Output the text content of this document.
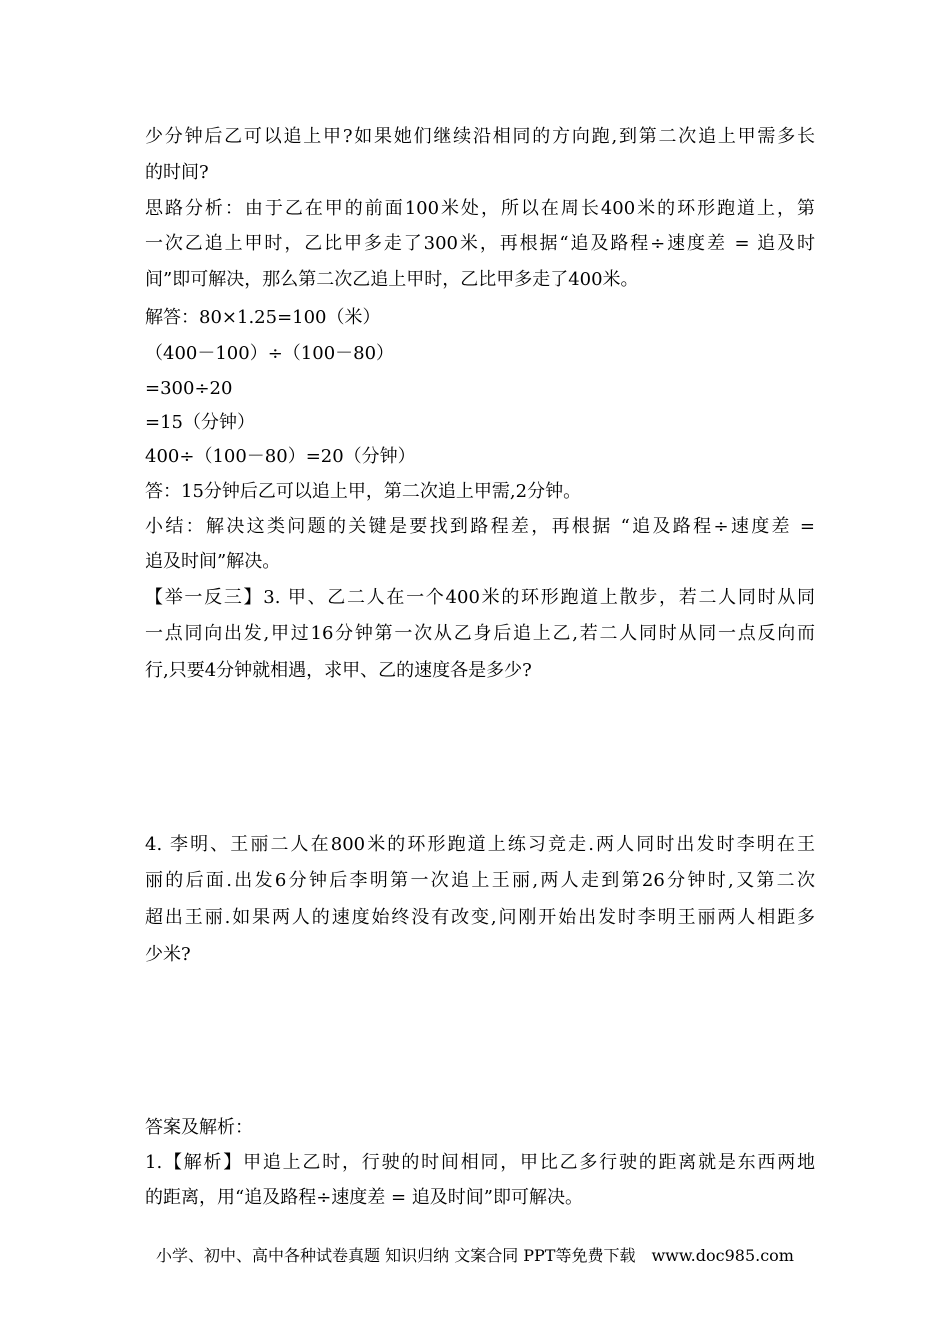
少分钟后乙可以追上甲?如果她们继续沿相同的方向跑,到第二次追上甲需多长
的时间?
思路分析：由于乙在甲的前面100米处，所以在周长400米的环形跑道上，第
一次乙追上甲时，乙比甲多走了300米，再根据“追及路程÷速度差 = 追及时
间”即可解决，那么第二次乙追上甲时，乙比甲多走了400米。
解答：80×1.25=100（米）
（400－100）÷（100－80）
=300÷20
=15（分钟）
400÷（100－80）=20（分钟）
答：15分钟后乙可以追上甲，第二次追上甲需,2分钟。
小结：解决这类问题的关键是要找到路程差，再根据 “追及路程÷速度差 =
追及时间”解决。
【举一反三】3. 甲、乙二人在一个400米的环形跑道上散步，若二人同时从同
一点同向出发,甲过16分钟第一次从乙身后追上乙,若二人同时从同一点反向而
行,只要4分钟就相遇，求甲、乙的速度各是多少?
4. 李明、王丽二人在800米的环形跑道上练习竞走.两人同时出发时李明在王
丽的后面.出发6分钟后李明第一次追上王丽,两人走到第26分钟时,又第二次
超出王丽.如果两人的速度始终没有改变,问刚开始出发时李明王丽两人相距多
少米?
答案及解析：
1.【解析】甲追上乙时，行驶的时间相同，甲比乙多行驶的距离就是东西两地
的距离，用“追及路程÷速度差 = 追及时间”即可解决。
小学、初中、高中各种试卷真题 知识归纳 文案合同 PPT等免费下载　www.doc985.com
